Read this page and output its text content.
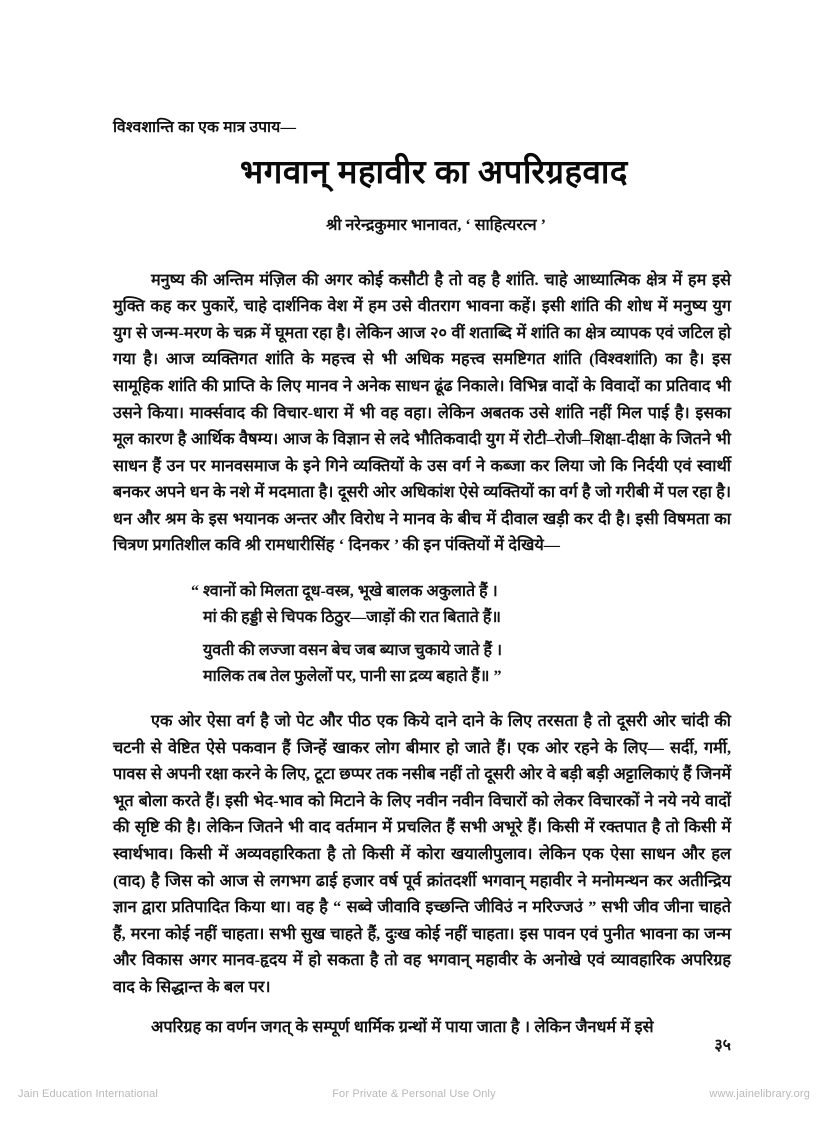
विश्वशान्ति का एक मात्र उपाय—
भगवान् महावीर का अपरिग्रहवाद
श्री नरेन्द्रकुमार भानावत, ‘ साहित्यरत्न ’

मनुष्य की अन्तिम मंज़िल की अगर कोई कसौटी है तो वह है शांति. चाहे आध्यात्मिक क्षेत्र में हम इसे मुक्ति कह कर पुकारें, चाहे दार्शनिक वेश में हम उसे वीतराग भावना कहें। इसी शांति की शोध में मनुष्य युग युग से जन्म-मरण के चक्र में घूमता रहा है। लेकिन आज २० वीं शताब्दि में शांति का क्षेत्र व्यापक एवं जटिल हो गया है। आज व्यक्तिगत शांति के महत्त्व से भी अधिक महत्त्व समष्टिगत शांति (विश्वशांति) का है। इस सामूहिक शांति की प्राप्ति के लिए मानव ने अनेक साधन ढूंढ निकाले। विभिन्न वादों के विवादों का प्रतिवाद भी उसने किया। मार्क्सवाद की विचार-धारा में भी वह वहा। लेकिन अबतक उसे शांति नहीं मिल पाई है। इसका मूल कारण है आर्थिक वैषम्य। आज के विज्ञान से लदे भौतिकवादी युग में रोटी–रोजी–शिक्षा-दीक्षा के जितने भी साधन हैं उन पर मानवसमाज के इने गिने व्यक्तियों के उस वर्ग ने कब्जा कर लिया जो कि निर्दयी एवं स्वार्थी बनकर अपने धन के नशे में मदमाता है। दूसरी ओर अधिकांश ऐसे व्यक्तियों का वर्ग है जो गरीबी में पल रहा है। धन और श्रम के इस भयानक अन्तर और विरोध ने मानव के बीच में दीवाल खड़ी कर दी है। इसी विषमता का चित्रण प्रगतिशील कवि श्री रामधारीसिंह ‘ दिनकर ’ की इन पंक्तियों में देखिये—

“ श्वानों को मिलता दूध-वस्त्र, भूखे बालक अकुलाते हैं ।
मां की हड्डी से चिपक ठिठुर—जाड़ों की रात बिताते हैं॥
युवती की लज्जा वसन बेच जब ब्याज चुकाये जाते हैं ।
मालिक तब तेल फुलेलों पर, पानी सा द्रव्य बहाते हैं॥ ”

एक ओर ऐसा वर्ग है जो पेट और पीठ एक किये दाने दाने के लिए तरसता है तो दूसरी ओर चांदी की चटनी से वेष्टित ऐसे पकवान हैं जिन्हें खाकर लोग बीमार हो जाते हैं। एक ओर रहने के लिए— सर्दी, गर्मी, पावस से अपनी रक्षा करने के लिए, टूटा छप्पर तक नसीब नहीं तो दूसरी ओर वे बड़ी बड़ी अट्टालिकाएं हैं जिनमें भूत बोला करते हैं। इसी भेद-भाव को मिटाने के लिए नवीन नवीन विचारों को लेकर विचारकों ने नये नये वादों की सृष्टि की है। लेकिन जितने भी वाद वर्तमान में प्रचलित हैं सभी अभूरे हैं। किसी में रक्तपात है तो किसी में स्वार्थभाव। किसी में अव्यवहारिकता है तो किसी में कोरा खयालीपुलाव। लेकिन एक ऐसा साधन और हल (वाद) है जिस को आज से लगभग ढाई हजार वर्ष पूर्व क्रांतदर्शी भगवान् महावीर ने मनोमन्थन कर अतीन्द्रिय ज्ञान द्वारा प्रतिपादित किया था। वह है “ सब्वे जीवावि इच्छन्ति जीविउं न मरिज्जउं ” सभी जीव जीना चाहते हैं, मरना कोई नहीं चाहता। सभी सुख चाहते हैं, दुःख कोई नहीं चाहता। इस पावन एवं पुनीत भावना का जन्म और विकास अगर मानव-हृदय में हो सकता है तो वह भगवान् महावीर के अनोखे एवं व्यावहारिक अपरिग्रह वाद के सिद्धान्त के बल पर।

अपरिग्रह का वर्णन जगत् के सम्पूर्ण धार्मिक ग्रन्थों में पाया जाता है । लेकिन जैनधर्म में इसे

३५
Jain Education International	For Private & Personal Use Only	www.jainelibrary.org
